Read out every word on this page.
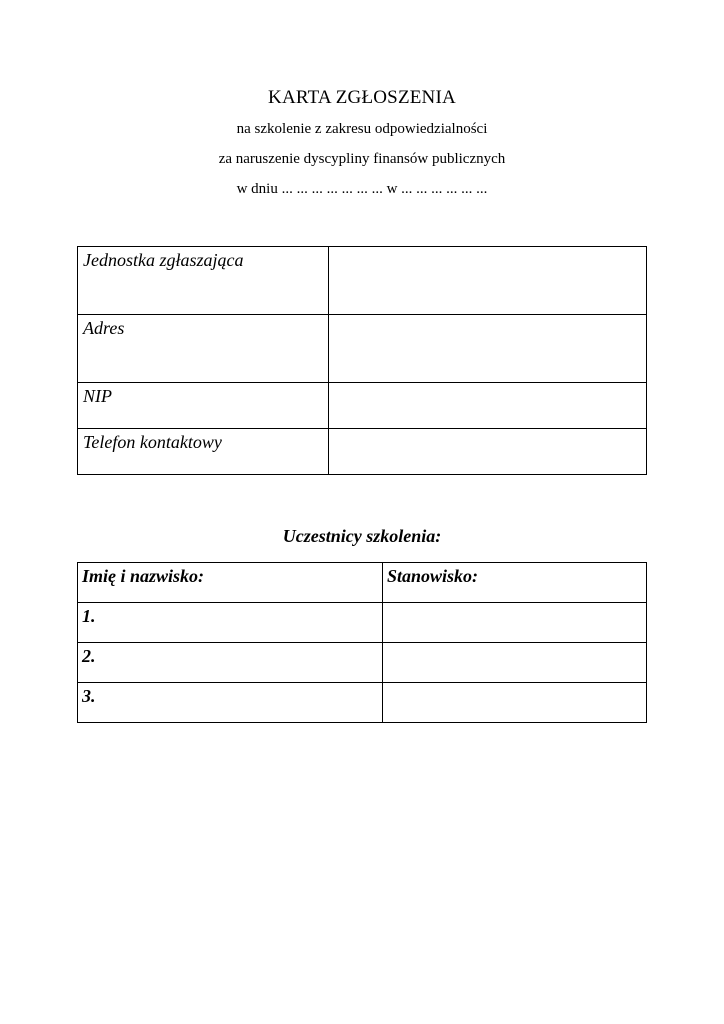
KARTA ZGŁOSZENIA
na szkolenie z zakresu odpowiedzialności
za naruszenie dyscypliny finansów publicznych
w dniu ... ... ... ... ... ... ... w ... ... ... ... ... ...
Jednostka zgłaszająca	
Adres	
NIP	
Telefon kontaktowy	
Uczestnicy szkolenia:
Imię i nazwisko:	Stanowisko:
1.	
2.	
3.	
